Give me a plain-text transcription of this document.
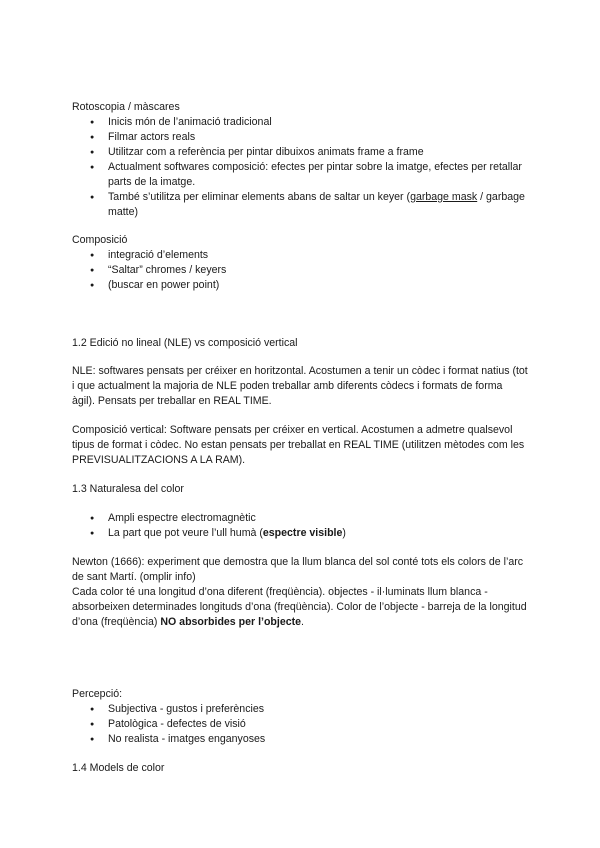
Rotoscopia / màscares

● Inicis món de l’animació tradicional
● Filmar actors reals
● Utilitzar com a referència per pintar dibuixos animats frame a frame
● Actualment softwares composició: efectes per pintar sobre la imatge, efectes per retallar parts de la imatge.
● També s’utilitza per eliminar elements abans de saltar un keyer (garbage mask / garbage matte)

Composició

● integració d’elements
● “Saltar” chromes / keyers
● (buscar en power point)

1.2 Edició no lineal (NLE) vs composició vertical

NLE: softwares pensats per créixer en horitzontal. Acostumen a tenir un còdec i format natius (tot i que actualment la majoria de NLE poden treballar amb diferents còdecs i formats de forma àgil). Pensats per treballar en REAL TIME.

Composició vertical: Software pensats per créixer en vertical. Acostumen a admetre qualsevol tipus de format i còdec. No estan pensats per treballat en REAL TIME (utilitzen mètodes com les PREVISUALITZACIONS A LA RAM).

1.3 Naturalesa del color

● Ampli espectre electromagnètic
● La part que pot veure l’ull humà (espectre visible)

Newton (1666): experiment que demostra que la llum blanca del sol conté tots els colors de l’arc de sant Martí. (omplir info)

Cada color té una longitud d’ona diferent (freqüència). objectes - il·luminats llum blanca - absorbeixen determinades longituds d’ona (freqüència). Color de l’objecte - barreja de la longitud d’ona (freqüència) NO absorbides per l’objecte.

Percepció:

● Subjectiva - gustos i preferències
● Patològica - defectes de visió
● No realista - imatges enganyoses

1.4 Models de color
